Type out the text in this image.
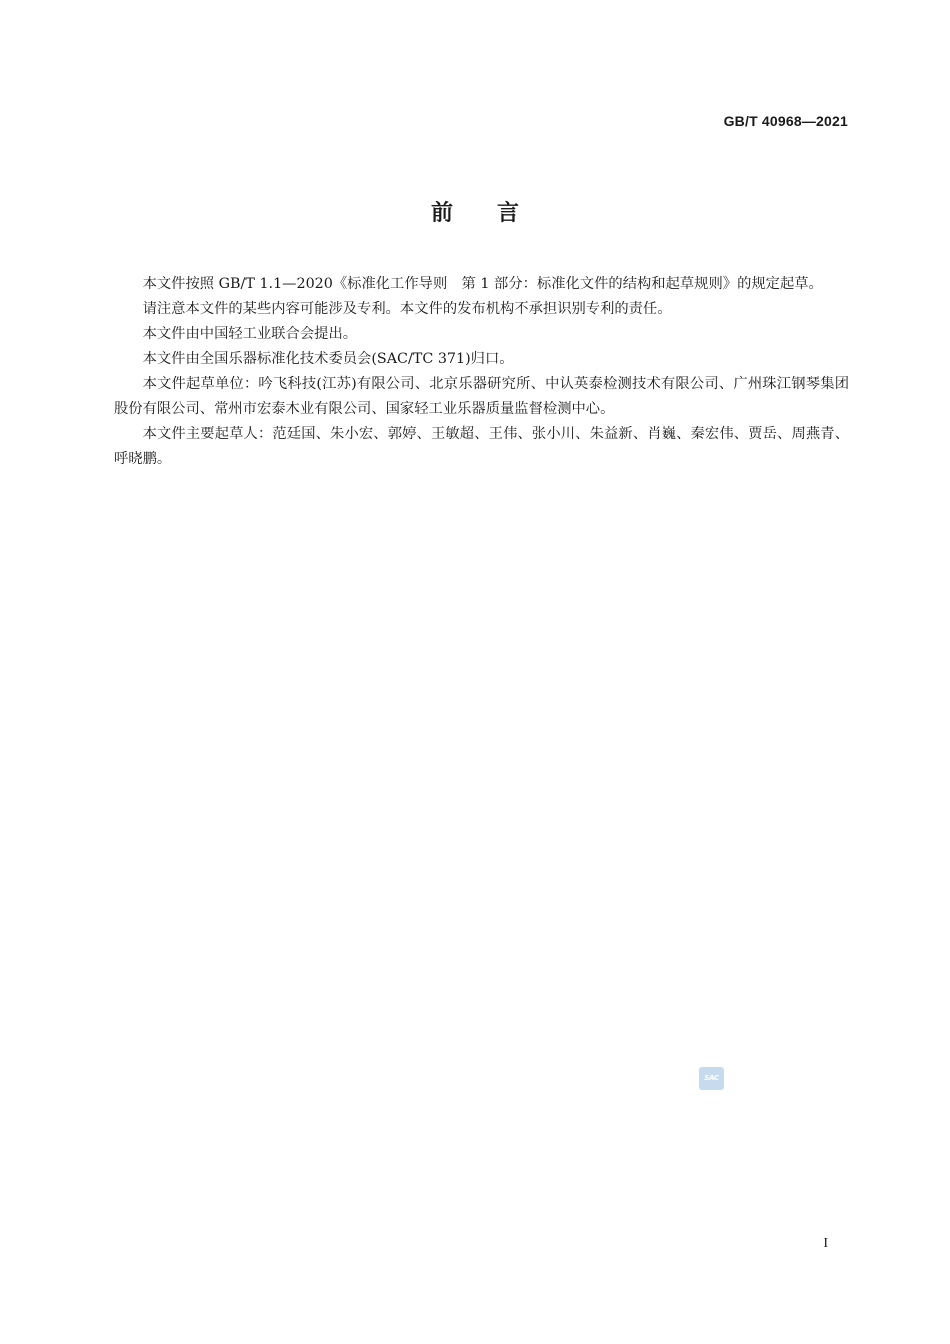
GB/T 40968—2021
前　　言

本文件按照 GB/T 1.1—2020《标准化工作导则　第 1 部分：标准化文件的结构和起草规则》的规定起草。

请注意本文件的某些内容可能涉及专利。本文件的发布机构不承担识别专利的责任。

本文件由中国轻工业联合会提出。

本文件由全国乐器标准化技术委员会(SAC/TC 371)归口。

本文件起草单位：吟飞科技(江苏)有限公司、北京乐器研究所、中认英泰检测技术有限公司、广州珠江钢琴集团股份有限公司、常州市宏泰木业有限公司、国家轻工业乐器质量监督检测中心。

本文件主要起草人：范廷国、朱小宏、郭婷、王敏超、王伟、张小川、朱益新、肖巍、秦宏伟、贾岳、周燕青、呼晓鹏。

SAC
I
